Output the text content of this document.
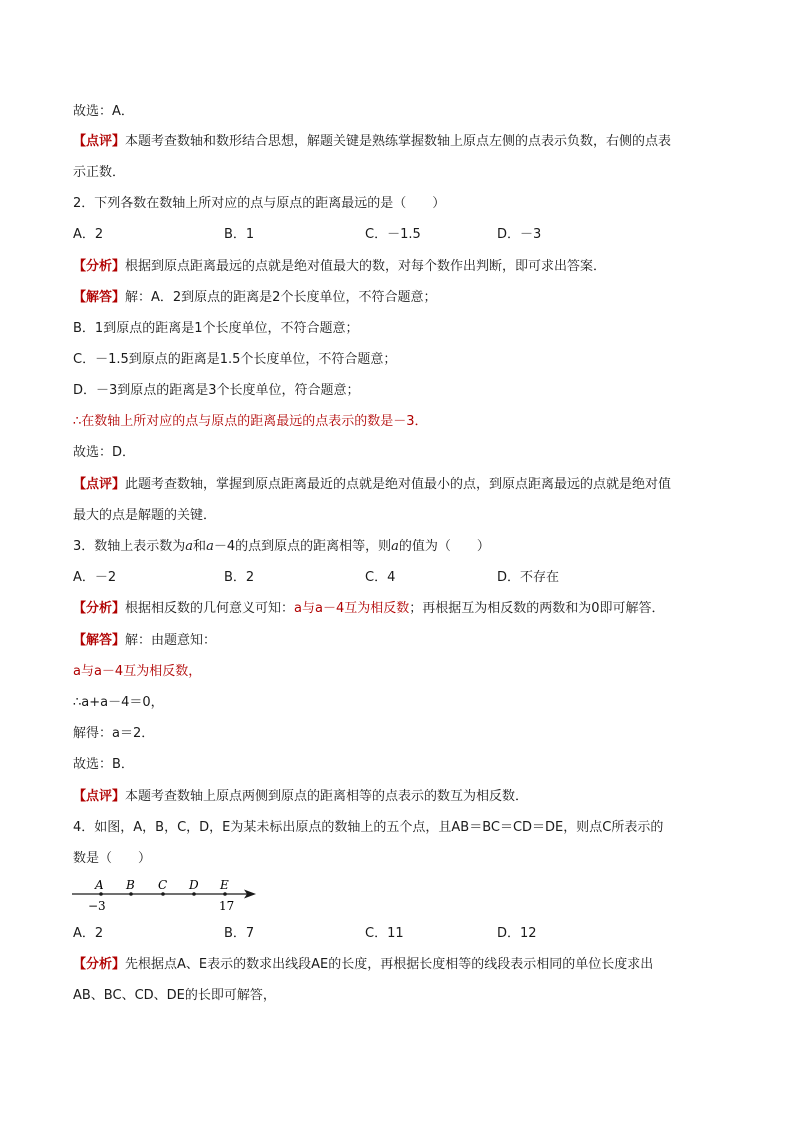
故选：A．
【点评】本题考查数轴和数形结合思想，解题关键是熟练掌握数轴上原点左侧的点表示负数，右侧的点表
示正数．
2．下列各数在数轴上所对应的点与原点的距离最远的是（　　）
A．2	B．1	C．－1.5	D．－3
【分析】根据到原点距离最远的点就是绝对值最大的数，对每个数作出判断，即可求出答案．
【解答】解：A．2到原点的距离是2个长度单位，不符合题意；
B．1到原点的距离是1个长度单位，不符合题意；
C．－1.5到原点的距离是1.5个长度单位，不符合题意；
D．－3到原点的距离是3个长度单位，符合题意；
∴在数轴上所对应的点与原点的距离最远的点表示的数是－3．
故选：D．
【点评】此题考查数轴，掌握到原点距离最近的点就是绝对值最小的点，到原点距离最远的点就是绝对值
最大的点是解题的关键．
3．数轴上表示数为a和a－4的点到原点的距离相等，则a的值为（　　）
A．－2	B．2	C．4	D．不存在
【分析】根据相反数的几何意义可知：a与a－4互为相反数；再根据互为相反数的两数和为0即可解答．
【解答】解：由题意知：
a与a－4互为相反数，
∴a+a－4＝0，
解得：a＝2．
故选：B．
【点评】本题考查数轴上原点两侧到原点的距离相等的点表示的数互为相反数．
4．如图，A，B，C，D，E为某未标出原点的数轴上的五个点，且AB＝BC＝CD＝DE，则点C所表示的
数是（　　）
A B C D E
−3	17
A．2	B．7	C．11	D．12
【分析】先根据点A、E表示的数求出线段AE的长度，再根据长度相等的线段表示相同的单位长度求出
AB、BC、CD、DE的长即可解答，
